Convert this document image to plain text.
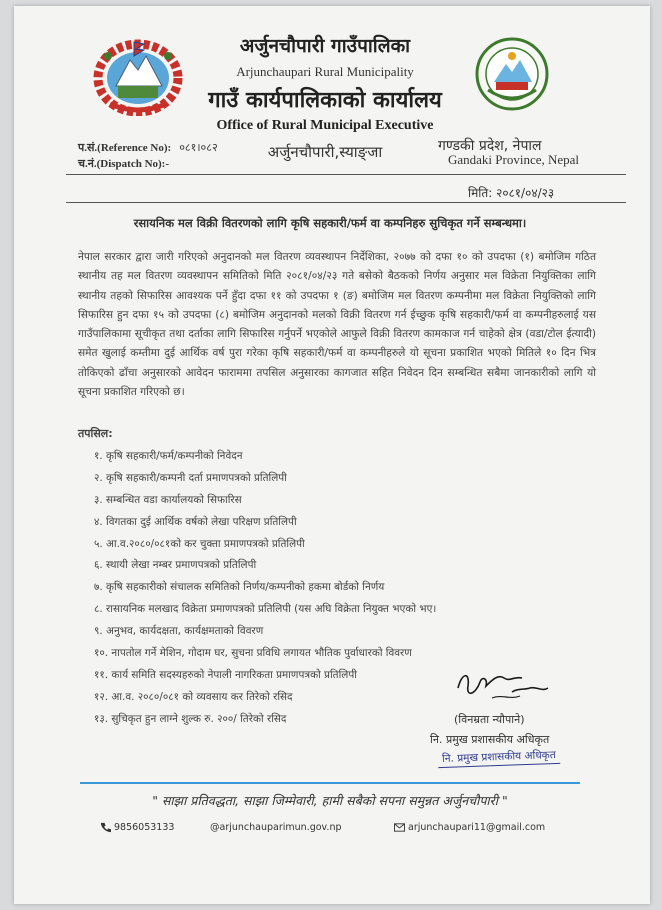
अर्जुनचौपारी गाउँपालिका
Arjunchaupari Rural Municipality
गाउँ कार्यपालिकाको कार्यालय
Office of Rural Municipal Executive
अर्जुनचौपारी,स्याङ्जा	गण्डकी प्रदेश, नेपाल
Gandaki Province, Nepal
प.सं.(Reference No): ०८१।०८२
च.नं.(Dispatch No):-
मिति: २०८१/०४/२३
रसायनिक मल विक्री वितरणको लागि कृषि सहकारी/फर्म वा कम्पनिहरु सुचिकृत गर्ने सम्बन्धमा।
नेपाल सरकार द्वारा जारी गरिएको अनुदानको मल वितरण व्यवस्थापन निर्देशिका, २०७७ को दफा १० को उपदफा (१) बमोजिम गठित स्थानीय तह मल वितरण व्यवस्थापन समितिको मिति २०८१/०४/२३ गते बसेको बैठकको निर्णय अनुसार मल विक्रेता नियुक्तिका लागि स्थानीय तहको सिफारिस आवश्यक पर्ने हुँदा दफा ११ को उपदफा १ (ङ) बमोजिम मल वितरण कम्पनीमा मल विक्रेता नियुक्तिको लागि सिफारिस हुन दफा १५ को उपदफा (८) बमोजिम अनुदानको मलको विक्री वितरण गर्न ईच्छुक कृषि सहकारी/फर्म वा कम्पनीहरुलाई यस गाउँपालिकामा सूचीकृत तथा दर्ताका लागि सिफारिस गर्नुपर्ने भएकोले आफुले विक्री वितरण कामकाज गर्न चाहेको क्षेत्र (वडा/टोल ईत्यादी) समेत खुलाई कम्तीमा दुई आर्थिक वर्ष पुरा गरेका कृषि सहकारी/फर्म वा कम्पनीहरुले यो सूचना प्रकाशित भएको मितिले १० दिन भित्र तोकिएको ढाँचा अनुसारको आवेदन फाराममा तपसिल अनुसारका कागजात सहित निवेदन दिन सम्बन्धित सबैमा जानकारीको लागि यो सूचना प्रकाशित गरिएको छ।
तपसिल:
१. कृषि सहकारी/फर्म/कम्पनीको निवेदन
२. कृषि सहकारी/कम्पनी दर्ता प्रमाणपत्रको प्रतिलिपी
३. सम्बन्धित वडा कार्यालयको सिफारिस
४. विगतका दुई आर्थिक वर्षको लेखा परिक्षण प्रतिलिपी
५. आ.व.२०८०/०८१को कर चुक्ता प्रमाणपत्रको प्रतिलिपी
६. स्थायी लेखा नम्बर प्रमाणपत्रको प्रतिलिपी
७. कृषि सहकारीको संचालक समितिको निर्णय/कम्पनीको हकमा बोर्डको निर्णय
८. रासायनिक मलखाद विक्रेता प्रमाणपत्रको प्रतिलिपी (यस अघि विक्रेता नियुक्त भएको भए।
९. अनुभव, कार्यदक्षता, कार्यक्षमताको विवरण
१०. नापतोल गर्ने मेशिन, गोदाम घर, सुचना प्रविधि लगायत भौतिक पुर्वाधारको विवरण
११. कार्य समिति सदस्यहरुको नेपाली नागरिकता प्रमाणपत्रको प्रतिलिपी
१२. आ.व. २०८०/०८१ को व्यवसाय कर तिरेको रसिद
१३. सुचिकृत हुन लाग्ने शुल्क रु. २००/ तिरेको रसिद	(विनम्रता न्यौपाने)
नि. प्रमुख प्रशासकीय अधिकृत
नि. प्रमुख प्रशासकीय अधिकृत
" साझा प्रतिवद्धता, साझा जिम्मेवारी, हामी सबैको सपना समुन्नत अर्जुनचौपारी "
9856053133	@arjunchauparimun.gov.np	arjunchaupari11@gmail.com
